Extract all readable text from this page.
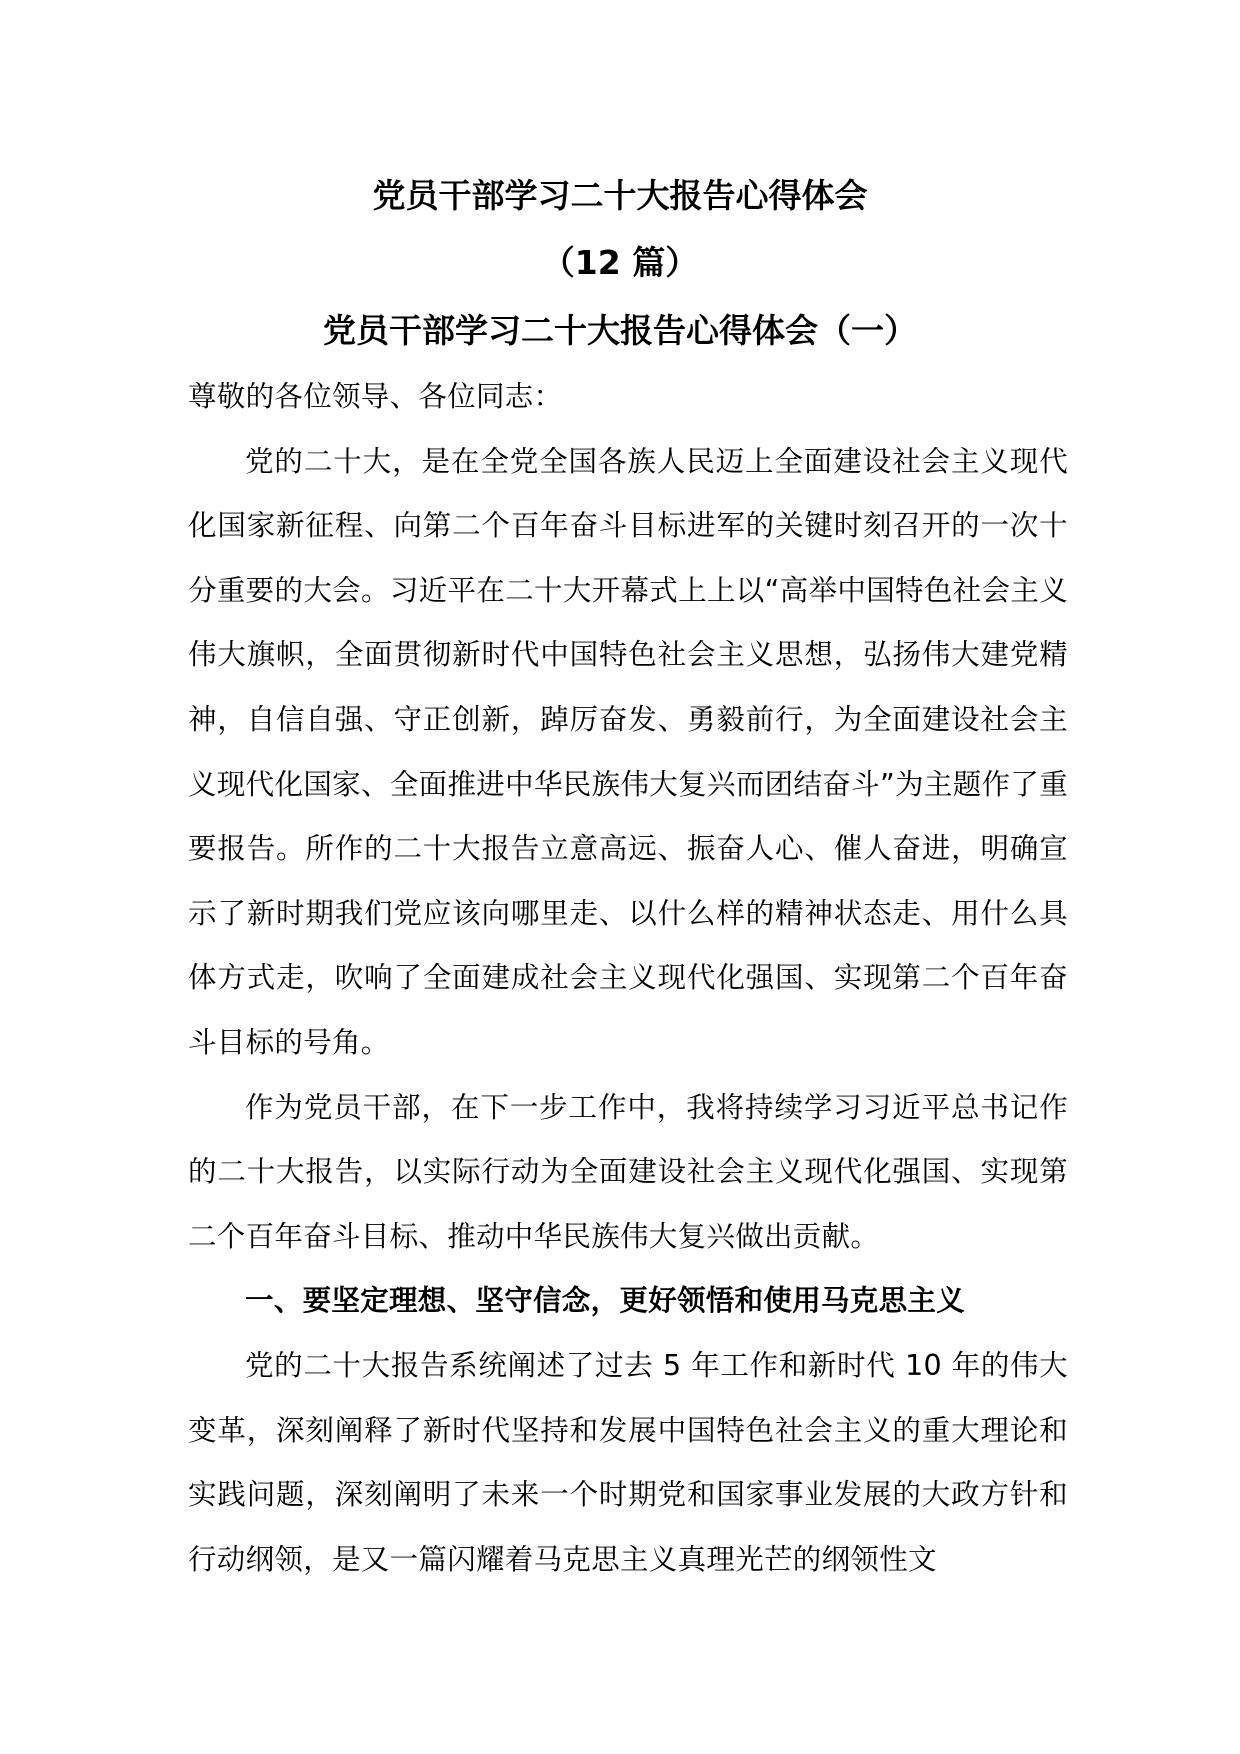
党员干部学习二十大报告心得体会
（12 篇）
党员干部学习二十大报告心得体会（一）

尊敬的各位领导、各位同志：

党的二十大，是在全党全国各族人民迈上全面建设社会主义现代化国家新征程、向第二个百年奋斗目标进军的关键时刻召开的一次十分重要的大会。习近平在二十大开幕式上上以“高举中国特色社会主义伟大旗帜，全面贯彻新时代中国特色社会主义思想，弘扬伟大建党精神，自信自强、守正创新，踔厉奋发、勇毅前行，为全面建设社会主义现代化国家、全面推进中华民族伟大复兴而团结奋斗”为主题作了重要报告。所作的二十大报告立意高远、振奋人心、催人奋进，明确宣示了新时期我们党应该向哪里走、以什么样的精神状态走、用什么具体方式走，吹响了全面建成社会主义现代化强国、实现第二个百年奋斗目标的号角。

作为党员干部，在下一步工作中，我将持续学习习近平总书记作的二十大报告，以实际行动为全面建设社会主义现代化强国、实现第二个百年奋斗目标、推动中华民族伟大复兴做出贡献。

一、要坚定理想、坚守信念，更好领悟和使用马克思主义

党的二十大报告系统阐述了过去 5 年工作和新时代 10 年的伟大变革，深刻阐释了新时代坚持和发展中国特色社会主义的重大理论和实践问题，深刻阐明了未来一个时期党和国家事业发展的大政方针和行动纲领，是又一篇闪耀着马克思主义真理光芒的纲领性文
